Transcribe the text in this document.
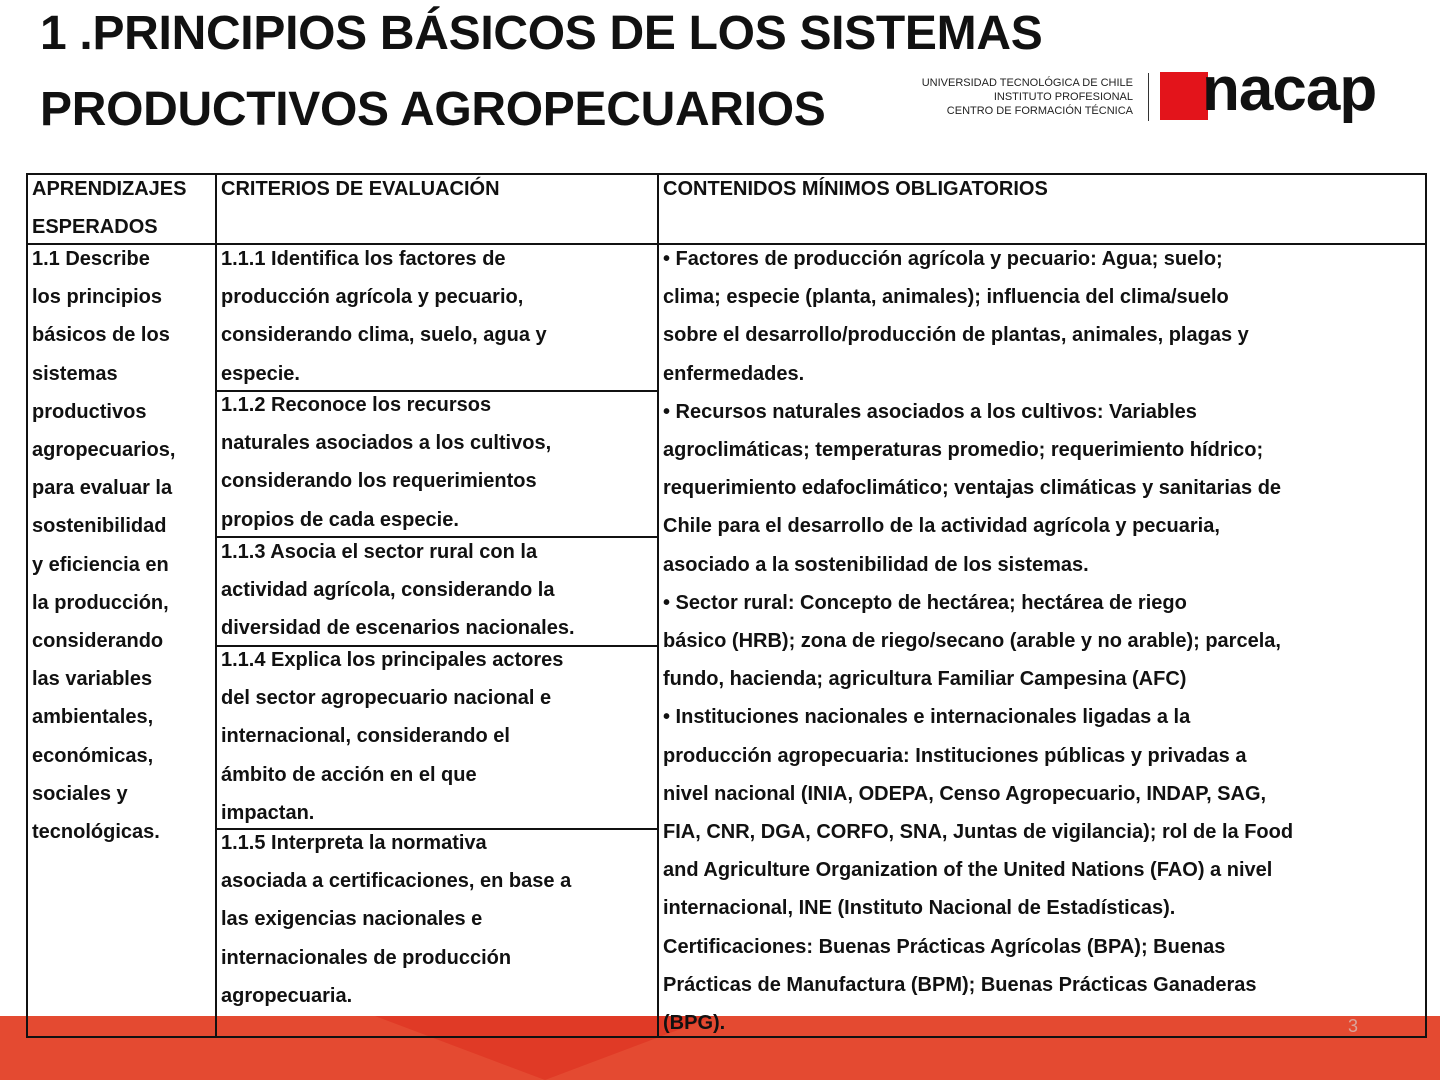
3
1 .PRINCIPIOS BÁSICOS DE LOS SISTEMAS
PRODUCTIVOS AGROPECUARIOS	UNIVERSIDAD TECNOLÓGICA DE CHILE
INSTITUTO PROFESIONAL
CENTRO DE FORMACIÓN TÉCNICA nacap
APRENDIZAJES
ESPERADOS
CRITERIOS DE EVALUACIÓN	CONTENIDOS MÍNIMOS OBLIGATORIOS
1.1 Describe
los principios
básicos de los
sistemas
productivos
agropecuarios,
para evaluar la
sostenibilidad
y eficiencia en
la producción,
considerando
las variables
ambientales,
económicas,
sociales y
tecnológicas.
1.1.1 Identifica los factores de
producción agrícola y pecuario,
considerando clima, suelo, agua y
especie.
1.1.2 Reconoce los recursos
naturales asociados a los cultivos,
considerando los requerimientos
propios de cada especie.
1.1.3 Asocia el sector rural con la
actividad agrícola, considerando la
diversidad de escenarios nacionales.
1.1.4 Explica los principales actores
del sector agropecuario nacional e
internacional, considerando el
ámbito de acción en el que
impactan.
1.1.5 Interpreta la normativa
asociada a certificaciones, en base a
las exigencias nacionales e
internacionales de producción
agropecuaria.
• Factores de producción agrícola y pecuario: Agua; suelo;
clima; especie (planta, animales); influencia del clima/suelo
sobre el desarrollo/producción de plantas, animales, plagas y
enfermedades.
• Recursos naturales asociados a los cultivos: Variables
agroclimáticas; temperaturas promedio; requerimiento hídrico;
requerimiento edafoclimático; ventajas climáticas y sanitarias de
Chile para el desarrollo de la actividad agrícola y pecuaria,
asociado a la sostenibilidad de los sistemas.
• Sector rural: Concepto de hectárea; hectárea de riego
básico (HRB); zona de riego/secano (arable y no arable); parcela,
fundo, hacienda; agricultura Familiar Campesina (AFC)
• Instituciones nacionales e internacionales ligadas a la
producción agropecuaria: Instituciones públicas y privadas a
nivel nacional (INIA, ODEPA, Censo Agropecuario, INDAP, SAG,
FIA, CNR, DGA, CORFO, SNA, Juntas de vigilancia); rol de la Food
and Agriculture Organization of the United Nations (FAO) a nivel
internacional, INE (Instituto Nacional de Estadísticas).
Certificaciones: Buenas Prácticas Agrícolas (BPA); Buenas
Prácticas de Manufactura (BPM); Buenas Prácticas Ganaderas
(BPG).
